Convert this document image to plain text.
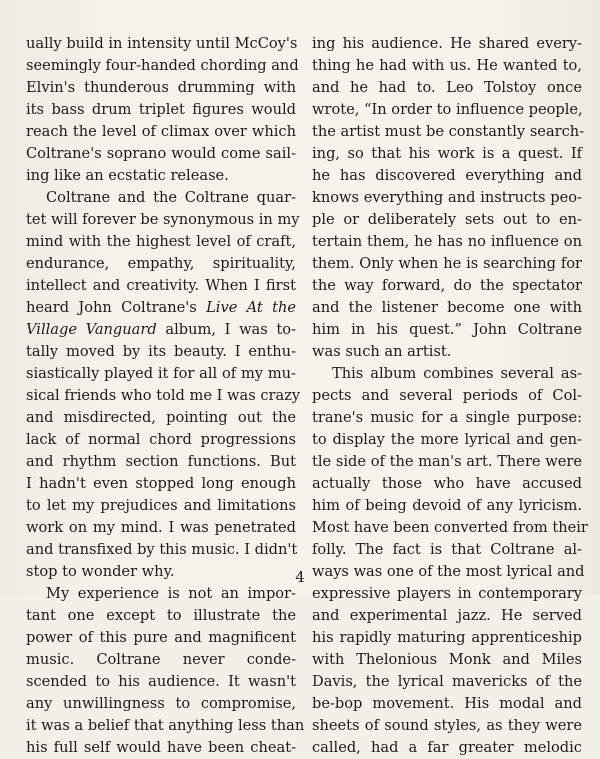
ually build in intensity until McCoy's
seemingly four-handed chording and
Elvin's thunderous drumming with
its bass drum triplet figures would
reach the level of climax over which
Coltrane's soprano would come sail-
ing like an ecstatic release.
Coltrane and the Coltrane quar-
tet will forever be synonymous in my
mind with the highest level of craft,
endurance, empathy, spirituality,
intellect and creativity. When I first
heard John Coltrane's Live At the
Village Vanguard album, I was to-
tally moved by its beauty. I enthu-
siastically played it for all of my mu-
sical friends who told me I was crazy
and misdirected, pointing out the
lack of normal chord progressions
and rhythm section functions. But
I hadn't even stopped long enough
to let my prejudices and limitations
work on my mind. I was penetrated
and transfixed by this music. I didn't
stop to wonder why.
My experience is not an impor-
tant one except to illustrate the
power of this pure and magnificent
music. Coltrane never conde-
scended to his audience. It wasn't
any unwillingness to compromise,
it was a belief that anything less than
his full self would have been cheat-
ing his audience. He shared every-
thing he had with us. He wanted to,
and he had to. Leo Tolstoy once
wrote, “In order to influence people,
the artist must be constantly search-
ing, so that his work is a quest. If
he has discovered everything and
knows everything and instructs peo-
ple or deliberately sets out to en-
tertain them, he has no influence on
them. Only when he is searching for
the way forward, do the spectator
and the listener become one with
him in his quest.” John Coltrane
was such an artist.
This album combines several as-
pects and several periods of Col-
trane's music for a single purpose:
to display the more lyrical and gen-
tle side of the man's art. There were
actually those who have accused
him of being devoid of any lyricism.
Most have been converted from their
folly. The fact is that Coltrane al-
ways was one of the most lyrical and
expressive players in contemporary
and experimental jazz. He served
his rapidly maturing apprenticeship
with Thelonious Monk and Miles
Davis, the lyrical mavericks of the
be-bop movement. His modal and
sheets of sound styles, as they were
called, had a far greater melodic
4
